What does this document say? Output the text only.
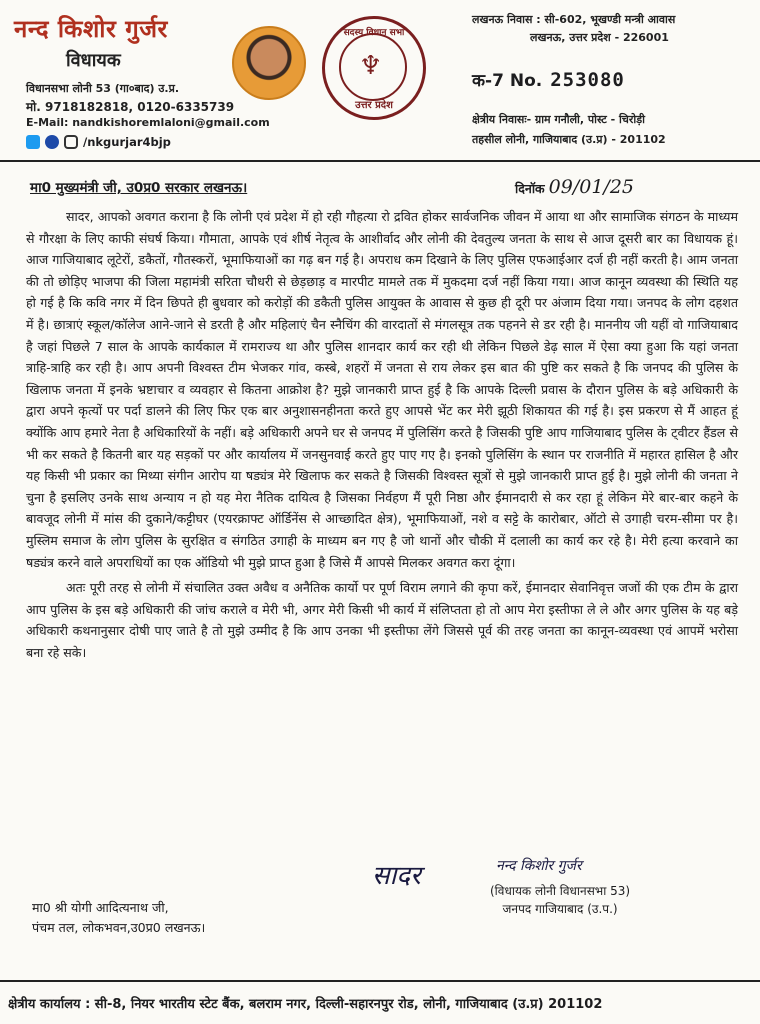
नन्द किशोर गुर्जर
विधायक
विधानसभा लोनी 53 (गा०बाद) उ.प्र.
मो. 9718182818, 0120-6335739
E-Mail: nandkishoremlaloni@gmail.com
/nkgurjar4bjp
सदस्य विधान सभा
♆
उत्तर प्रदेश
लखनऊ निवास : सी-602, भूखण्डी मन्त्री आवास
लखनऊ, उत्तर प्रदेश - 226001
क-7 No. 253080
क्षेत्रीय निवासः- ग्राम गनौली, पोस्ट - चिरोड़ी
तहसील लोनी, गाजियाबाद (उ.प्र) - 201102
मा0 मुख्यमंत्री जी, उ0प्र0 सरकार लखनऊ।	दिनॉक 09/01/25

सादर, आपको अवगत कराना है कि लोनी एवं प्रदेश में हो रही गौहत्या रो द्रवित होकर सार्वजनिक जीवन में आया था और सामाजिक संगठन के माध्यम से गौरक्षा के लिए काफी संघर्ष किया। गौमाता, आपके एवं शीर्ष नेतृत्व के आशीर्वाद और लोनी की देवतुल्य जनता के साथ से आज दूसरी बार का विधायक हूं। आज गाजियाबाद लूटेरों, डकैतों, गौतस्करों, भूमाफियाओं का गढ़ बन गई है। अपराध कम दिखाने के लिए पुलिस एफआईआर दर्ज ही नहीं करती है। आम जनता की तो छोड़िए भाजपा की जिला महामंत्री सरिता चौधरी से छेड़छाड़ व मारपीट मामले तक में मुकदमा दर्ज नहीं किया गया। आज कानून व्यवस्था की स्थिति यह हो गई है कि कवि नगर में दिन छिपते ही बुधवार को करोड़ों की डकैती पुलिस आयुक्त के आवास से कुछ ही दूरी पर अंजाम दिया गया। जनपद के लोग दहशत में है। छात्राएं स्कूल/कॉलेज आने-जाने से डरती है और महिलाएं चैन स्नैचिंग की वारदातों से मंगलसूत्र तक पहनने से डर रही है। माननीय जी यहीं वो गाजियाबाद है जहां पिछले 7 साल के आपके कार्यकाल में रामराज्य था और पुलिस शानदार कार्य कर रही थी लेकिन पिछले डेढ़ साल में ऐसा क्या हुआ कि यहां जनता त्राहि-त्राहि कर रही है। आप अपनी विश्वस्त टीम भेजकर गांव, कस्बे, शहरों में जनता से राय लेकर इस बात की पुष्टि कर सकते है कि जनपद की पुलिस के खिलाफ जनता में इनके भ्रष्टाचार व व्यवहार से कितना आक्रोश है? मुझे जानकारी प्राप्त हुई है कि आपके दिल्ली प्रवास के दौरान पुलिस के बड़े अधिकारी के द्वारा अपने कृत्यों पर पर्दा डालने की लिए फिर एक बार अनुशासनहीनता करते हुए आपसे भेंट कर मेरी झूठी शिकायत की गई है। इस प्रकरण से मैं आहत हूं क्योंकि आप हमारे नेता है अधिकारियों के नहीं। बड़े अधिकारी अपने घर से जनपद में पुलिसिंग करते है जिसकी पुष्टि आप गाजियाबाद पुलिस के ट्वीटर हैंडल से भी कर सकते है कितनी बार यह सड़कों पर और कार्यालय में जनसुनवाई करते हुए पाए गए है। इनको पुलिसिंग के स्थान पर राजनीति में महारत हासिल है और यह किसी भी प्रकार का मिथ्या संगीन आरोप या षड्यंत्र मेरे खिलाफ कर सकते है जिसकी विश्वस्त सूत्रों से मुझे जानकारी प्राप्त हुई है। मुझे लोनी की जनता ने चुना है इसलिए उनके साथ अन्याय न हो यह मेरा नैतिक दायित्व है जिसका निर्वहण मैं पूरी निष्ठा और ईमानदारी से कर रहा हूं लेकिन मेरे बार-बार कहने के बावजूद लोनी में मांस की दुकाने/कट्टीघर (एयरक्राफ्ट ऑर्डिनेंस से आच्छादित क्षेत्र), भूमाफियाओं, नशे व सट्टे के कारोबार, ऑटो से उगाही चरम-सीमा पर है। मुस्लिम समाज के लोग पुलिस के सुरक्षित व संगठित उगाही के माध्यम बन गए है जो थानों और चौकी में दलाली का कार्य कर रहे है। मेरी हत्या करवाने का षड्यंत्र करने वाले अपराधियों का एक ऑडियो भी मुझे प्राप्त हुआ है जिसे मैं आपसे मिलकर अवगत करा दूंगा।

अतः पूरी तरह से लोनी में संचालित उक्त अवैध व अनैतिक कार्यो पर पूर्ण विराम लगाने की कृपा करें, ईमानदार सेवानिवृत्त जजों की एक टीम के द्वारा आप पुलिस के इस बड़े अधिकारी की जांच कराले व मेरी भी, अगर मेरी किसी भी कार्य में संलिप्तता हो तो आप मेरा इस्तीफा ले ले और अगर पुलिस के यह बड़े अधिकारी कथनानुसार दोषी पाए जाते है तो मुझे उम्मीद है कि आप उनका भी इस्तीफा लेंगे जिससे पूर्व की तरह जनता का कानून-व्यवस्था एवं आपमें भरोसा बना रहे सके।

सादर	नन्द किशोर गुर्जर
(विधायक लोनी विधानसभा 53)
जनपद गाजियाबाद (उ.प.)
मा0 श्री योगी आदित्यनाथ जी,
पंचम तल, लोकभवन,उ0प्र0 लखनऊ।
क्षेत्रीय कार्यालय : सी-8, नियर भारतीय स्टेट बैंक, बलराम नगर, दिल्ली-सहारनपुर रोड, लोनी, गाजियाबाद (उ.प्र) 201102
